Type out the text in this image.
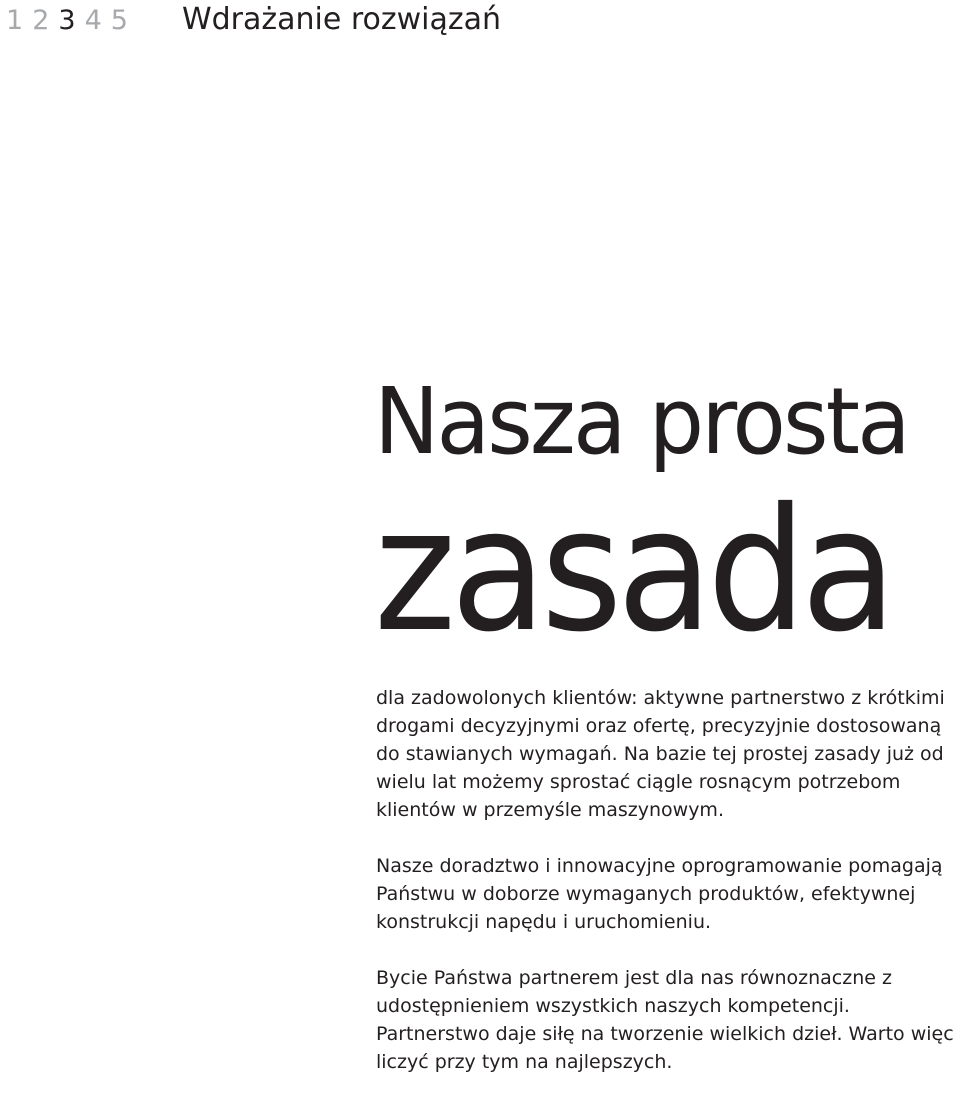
1 2 3 4 5 Wdrażanie rozwiązań
Nasza prosta
zasada

dla zadowolonych klientów: aktywne partnerstwo z krótkimi drogami decyzyjnymi oraz ofertę, precyzyjnie dostosowaną do stawianych wymagań. Na bazie tej prostej zasady już od wielu lat możemy sprostać ciągle rosnącym potrzebom klientów w przemyśle maszynowym.

Nasze doradztwo i innowacyjne oprogramowanie pomagają Państwu w doborze wymaganych produktów, efektywnej konstrukcji napędu i uruchomieniu.

Bycie Państwa partnerem jest dla nas równoznaczne z udostępnieniem wszystkich naszych kompetencji. Partnerstwo daje siłę na tworzenie wielkich dzieł. Warto więc liczyć przy tym na najlepszych.
